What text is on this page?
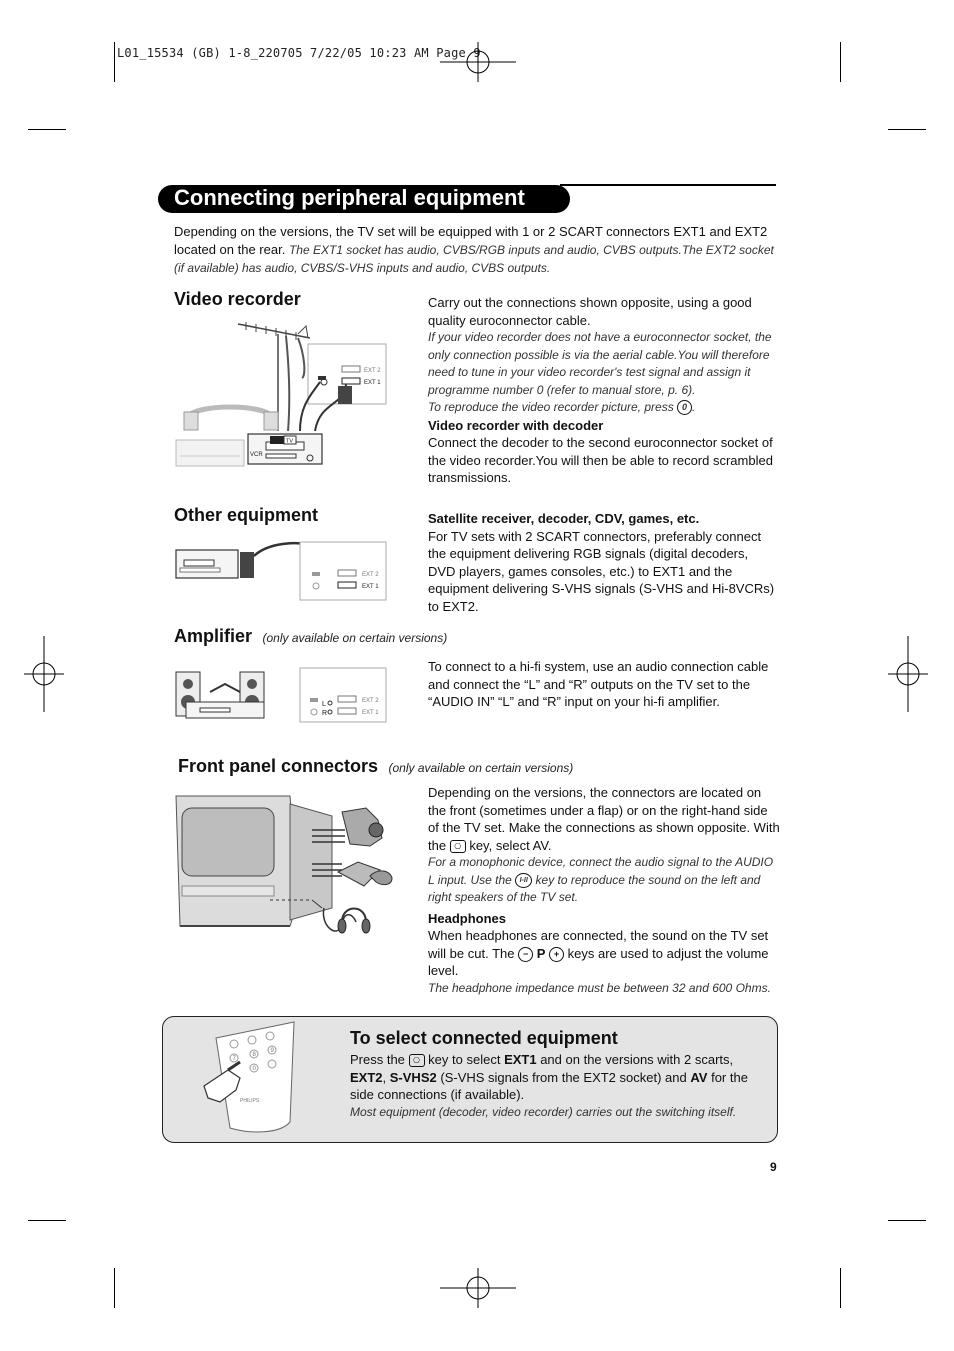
L01_15534 (GB) 1-8_220705 7/22/05 10:23 AM Page 9
Connecting peripheral equipment
Depending on the versions, the TV set will be equipped with 1 or 2 SCART connectors EXT1 and EXT2 located on the rear. The EXT1 socket has audio, CVBS/RGB inputs and audio, CVBS outputs.The EXT2 socket (if available) has audio, CVBS/S-VHS inputs and audio, CVBS outputs.
Video recorder
EXT 2
EXT 1
TV
VCR
Carry out the connections shown opposite, using a good quality euroconnector cable.
If your video recorder does not have a euroconnector socket, the only connection possible is via the aerial cable.You will therefore need to tune in your video recorder's test signal and assign it programme number 0 (refer to manual store, p. 6).
To reproduce the video recorder picture, press 0 .
Video recorder with decoder
Connect the decoder to the second euroconnector socket of the video recorder.You will then be able to record scrambled transmissions.
Other equipment
EXT 2
EXT 1
Satellite receiver, decoder, CDV, games, etc.
For TV sets with 2 SCART connectors, preferably connect the equipment delivering RGB signals (digital decoders, DVD players, games consoles, etc.) to EXT1 and the equipment delivering S-VHS signals (S-VHS and Hi-8VCRs) to EXT2.
Amplifier (only available on certain versions)
EXT 2
EXT 1
L
R
To connect to a hi-fi system, use an audio connection cable and connect the “L” and “R” outputs on the TV set to the “AUDIO IN” “L” and “R” input on your hi-fi amplifier.
Front panel connectors (only available on certain versions)
Depending on the versions, the connectors are located on the front (sometimes under a flap) or on the right-hand side of the TV set. Make the connections as shown opposite. With the ⎔ key, select AV.
For a monophonic device, connect the audio signal to the AUDIO L input. Use the I-II key to reproduce the sound on the left and right speakers of the TV set.
Headphones
When headphones are connected, the sound on the TV set will be cut. The − P + keys are used to adjust the volume level.
The headphone impedance must be between 32 and 600 Ohms.
7
8
9
0
PHILIPS
To select connected equipment
Press the ⎔ key to select EXT1 and on the versions with 2 scarts, EXT2, S-VHS2 (S-VHS signals from the EXT2 socket) and AV for the side connections (if available).
Most equipment (decoder, video recorder) carries out the switching itself.
9
